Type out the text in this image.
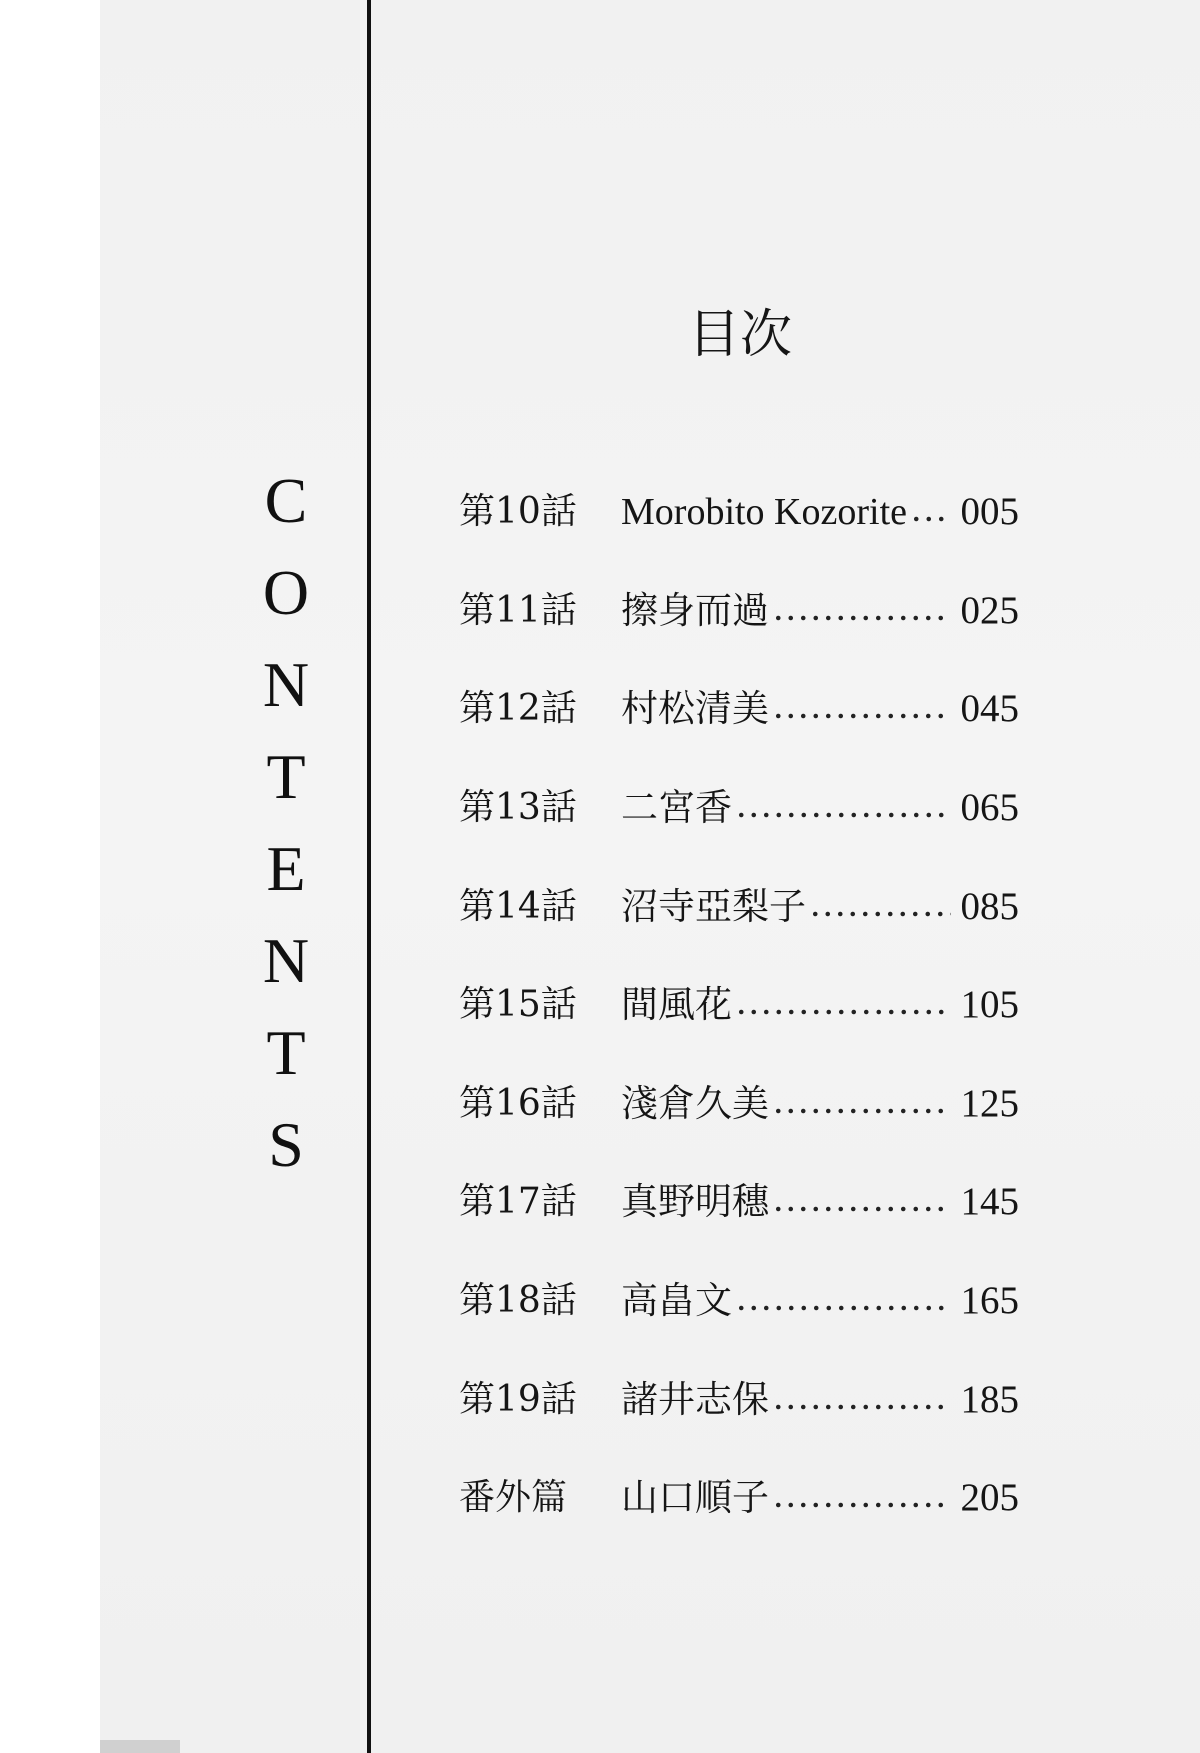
C
O
N
T
E
N
T
S
目次
第10話	Morobito Kozorite 005
第11話	擦身而過	025
第12話	村松清美	045
第13話	二宮香	065
第14話	沼寺亞梨子	085
第15話	間風花	105
第16話	淺倉久美	125
第17話	真野明穗	145
第18話	高畠文	165
第19話	諸井志保	185
番外篇	山口順子	205
